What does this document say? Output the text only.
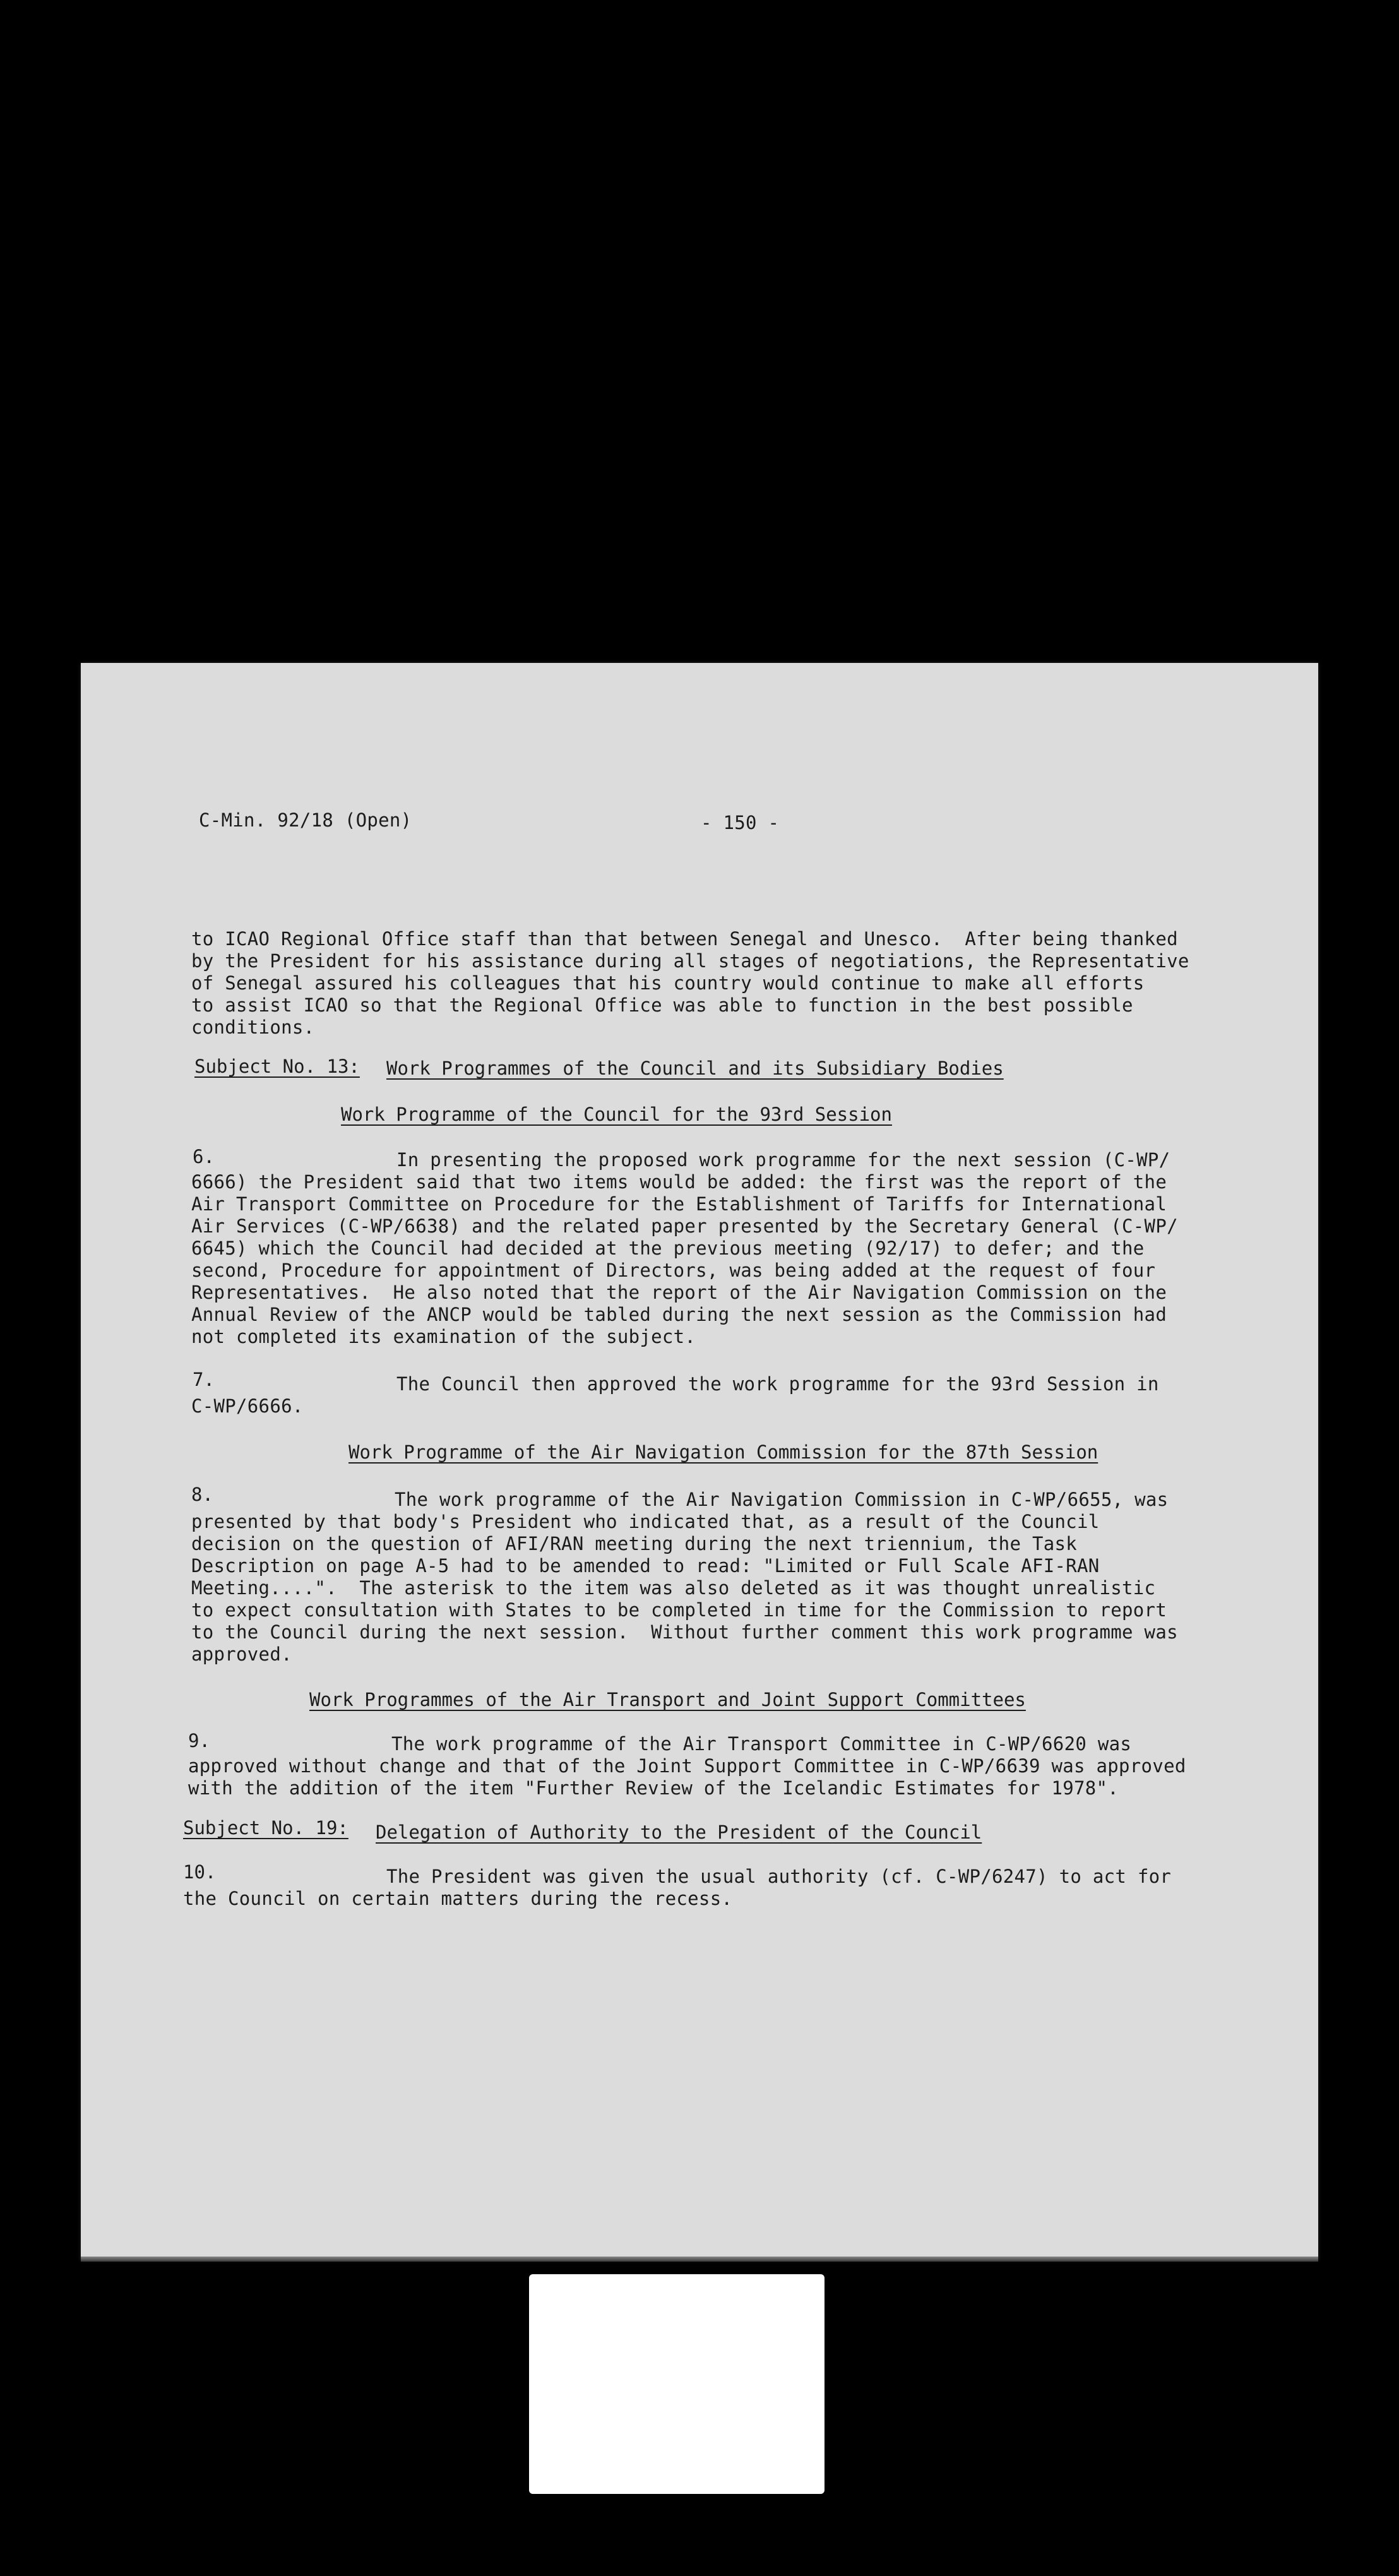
C-Min. 92/18 (Open)	- 150 -
to ICAO Regional Office staff than that between Senegal and Unesco.  After being thanked
by the President for his assistance during all stages of negotiations, the Representative
of Senegal assured his colleagues that his country would continue to make all efforts
to assist ICAO so that the Regional Office was able to function in the best possible
conditions.
Subject No. 13: Work Programmes of the Council and its Subsidiary Bodies
Work Programme of the Council for the 93rd Session
6.	In presenting the proposed work programme for the next session (C-WP/
6666) the President said that two items would be added: the first was the report of the
Air Transport Committee on Procedure for the Establishment of Tariffs for International
Air Services (C-WP/6638) and the related paper presented by the Secretary General (C-WP/
6645) which the Council had decided at the previous meeting (92/17) to defer; and the
second, Procedure for appointment of Directors, was being added at the request of four
Representatives.  He also noted that the report of the Air Navigation Commission on the
Annual Review of the ANCP would be tabled during the next session as the Commission had
not completed its examination of the subject.
7.	The Council then approved the work programme for the 93rd Session in
C-WP/6666.
Work Programme of the Air Navigation Commission for the 87th Session
8.	The work programme of the Air Navigation Commission in C-WP/6655, was
presented by that body's President who indicated that, as a result of the Council
decision on the question of AFI/RAN meeting during the next triennium, the Task
Description on page A-5 had to be amended to read: "Limited or Full Scale AFI-RAN
Meeting....".  The asterisk to the item was also deleted as it was thought unrealistic
to expect consultation with States to be completed in time for the Commission to report
to the Council during the next session.  Without further comment this work programme was
approved.
Work Programmes of the Air Transport and Joint Support Committees
9.	The work programme of the Air Transport Committee in C-WP/6620 was
approved without change and that of the Joint Support Committee in C-WP/6639 was approved
with the addition of the item "Further Review of the Icelandic Estimates for 1978".
Subject No. 19: Delegation of Authority to the President of the Council
10.	The President was given the usual authority (cf. C-WP/6247) to act for
the Council on certain matters during the recess.
